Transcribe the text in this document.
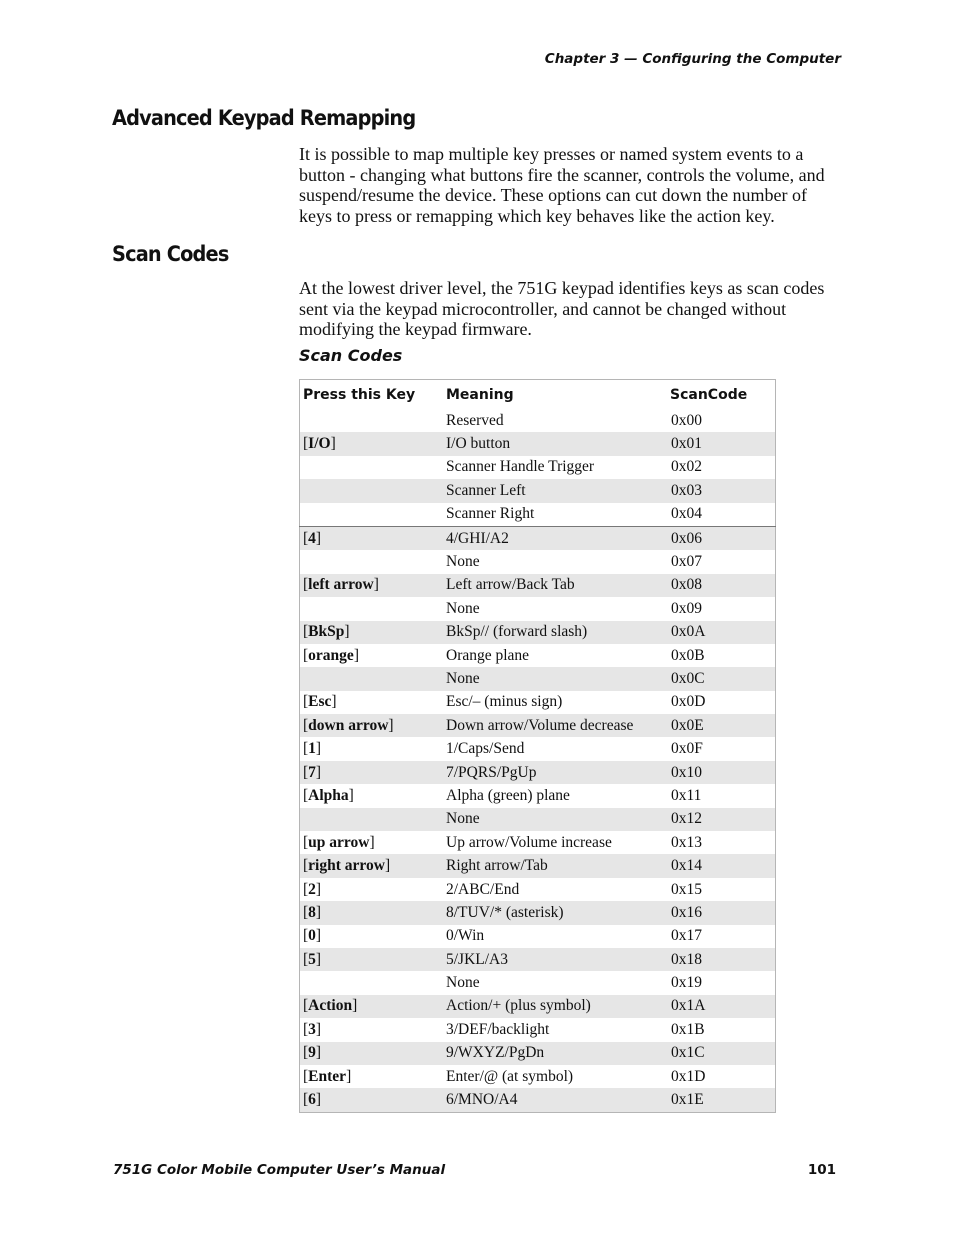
Chapter 3 — Configuring the Computer
Advanced Keypad Remapping

It is possible to map multiple key presses or named system events to a button - changing what buttons fire the scanner, controls the volume, and suspend/resume the device. These options can cut down the number of keys to press or remapping which key behaves like the action key.

Scan Codes

At the lowest driver level, the 751G keypad identifies keys as scan codes sent via the keypad microcontroller, and cannot be changed without modifying the keypad firmware.

Scan Codes

Press this Key	Meaning	ScanCode
	Reserved	0x00
[I/O]	I/O button	0x01
	Scanner Handle Trigger	0x02
	Scanner Left	0x03
	Scanner Right	0x04
[4]	4/GHI/A2	0x06
	None	0x07
[left arrow]	Left arrow/Back Tab	0x08
	None	0x09
[BkSp]	BkSp// (forward slash)	0x0A
[orange]	Orange plane	0x0B
	None	0x0C
[Esc]	Esc/– (minus sign)	0x0D
[down arrow]	Down arrow/Volume decrease	0x0E
[1]	1/Caps/Send	0x0F
[7]	7/PQRS/PgUp	0x10
[Alpha]	Alpha (green) plane	0x11
	None	0x12
[up arrow]	Up arrow/Volume increase	0x13
[right arrow]	Right arrow/Tab	0x14
[2]	2/ABC/End	0x15
[8]	8/TUV/* (asterisk)	0x16
[0]	0/Win	0x17
[5]	5/JKL/A3	0x18
	None	0x19
[Action]	Action/+ (plus symbol)	0x1A
[3]	3/DEF/backlight	0x1B
[9]	9/WXYZ/PgDn	0x1C
[Enter]	Enter/@ (at symbol)	0x1D
[6]	6/MNO/A4	0x1E
751G Color Mobile Computer User’s Manual	101
